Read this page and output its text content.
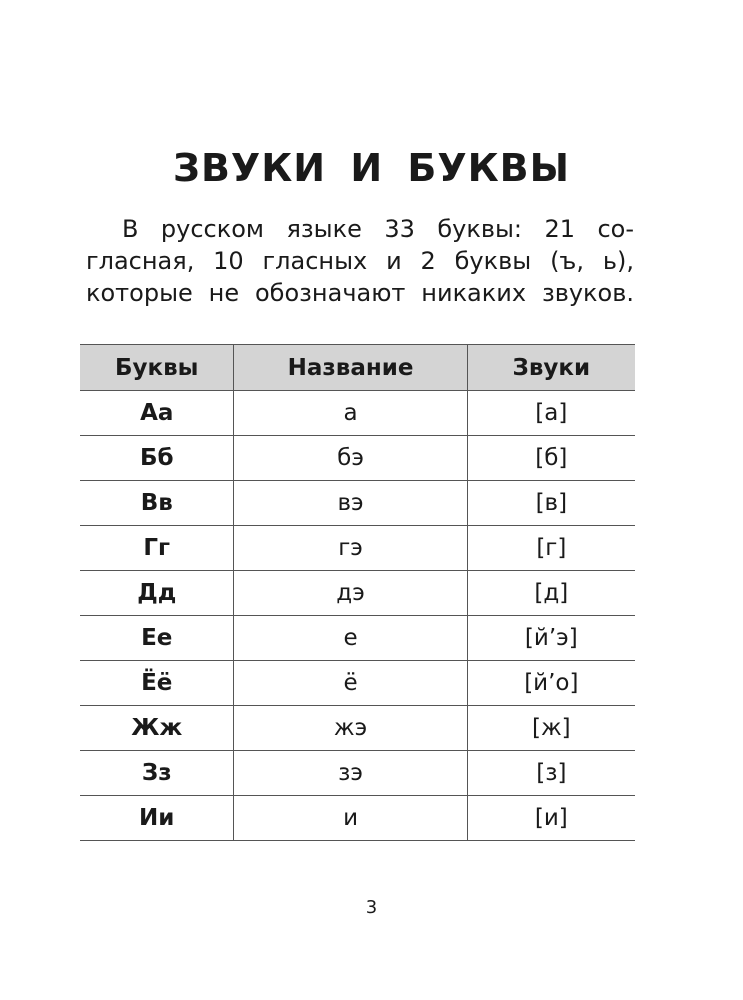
ЗВУКИ И БУКВЫ

В русском языке 33 буквы: 21 со-
гласная, 10 гласных и 2 буквы (ъ, ь),
которые не обозначают никаких звуков.

Буквы	Название	Звуки
Аа	а	[а]
Бб	бэ	[б]
Вв	вэ	[в]
Гг	гэ	[г]
Дд	дэ	[д]
Ее	е	[й’э]
Ёё	ё	[й’о]
Жж	жэ	[ж]
Зз	зэ	[з]
Ии	и	[и]
3
